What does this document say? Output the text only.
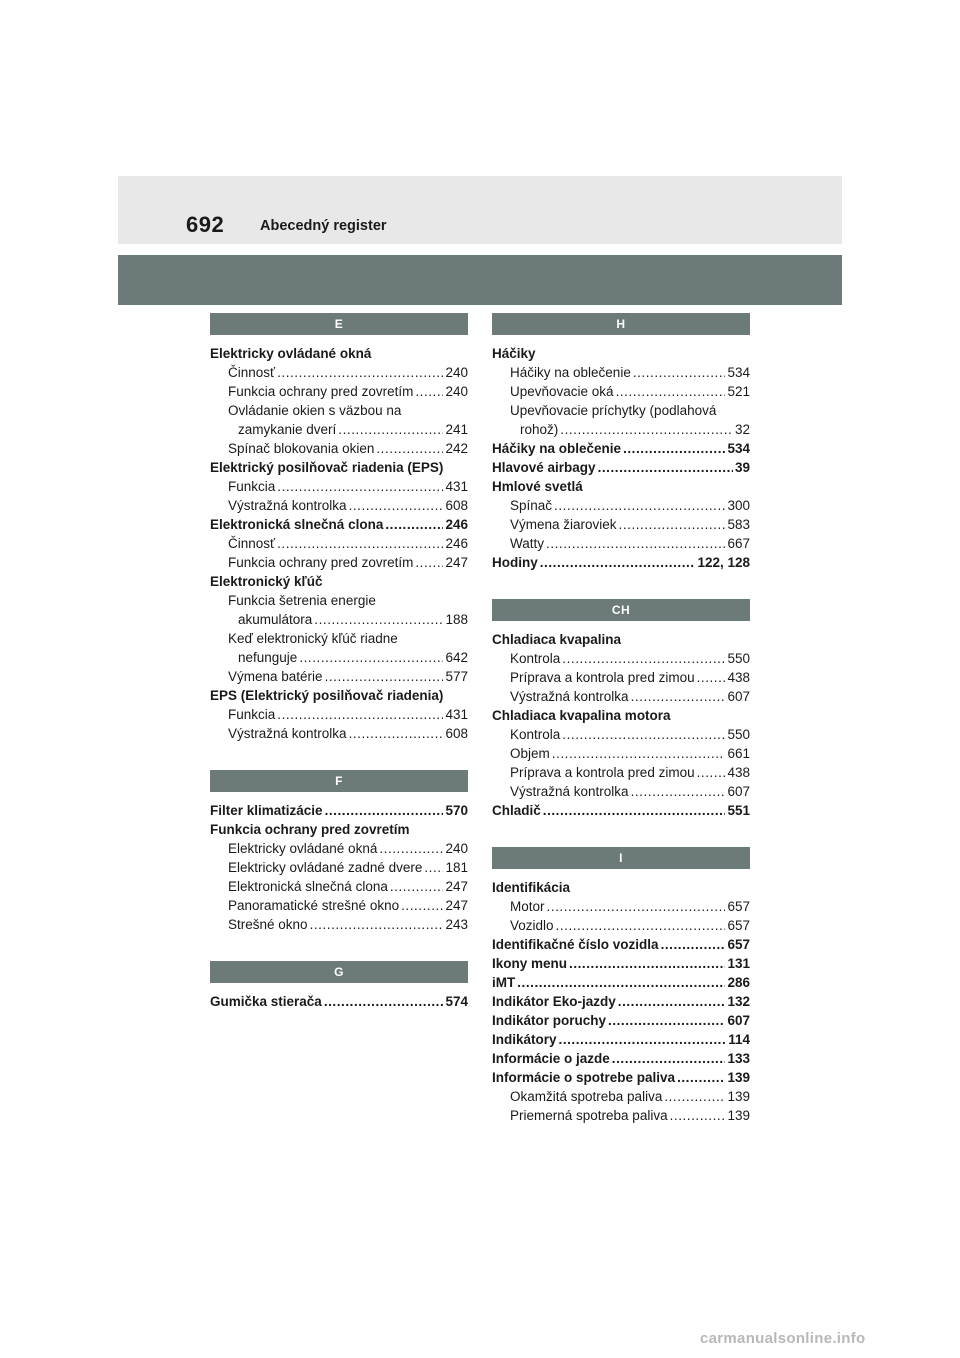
692 Abecedný register
E
Elektricky ovládané okná
Činnosť . . .	240
Funkcia ochrany pred zovretím . . . 240
Ovládanie okien s väzbou na
zamykanie dverí . . .	241
Spínač blokovania okien . . .	242
Elektrický posilňovač riadenia (EPS)
Funkcia . . .	431
Výstražná kontrolka . . .	608
Elektronická slnečná clona . . .	246
Činnosť . . .	246
Funkcia ochrany pred zovretím . . . 247
Elektronický kľúč
Funkcia šetrenia energie
akumulátora . . .	188
Keď elektronický kľúč riadne
nefunguje . . .	642
Výmena batérie . . .	577
EPS (Elektrický posilňovač riadenia)
Funkcia . . .	431
Výstražná kontrolka . . .	608
F
Filter klimatizácie . . .	570
Funkcia ochrany pred zovretím
Elektricky ovládané okná . . .	240
Elektricky ovládané zadné dvere . . . 181
Elektronická slnečná clona . . .	247
Panoramatické strešné okno . . .	247
Strešné okno . . .	243
G
Gumička stierača . . .	574
H
Háčiky
Háčiky na oblečenie . . .	534
Upevňovacie oká . . .	521
Upevňovacie príchytky (podlahová
rohož) . . .	32
Háčiky na oblečenie . . .	534
Hlavové airbagy . . .	39
Hmlové svetlá
Spínač . . .	300
Výmena žiaroviek . . .	583
Watty . . .	667
Hodiny . . .	122, 128
CH
Chladiaca kvapalina
Kontrola . . .	550
Príprava a kontrola pred zimou . . . 438
Výstražná kontrolka . . .	607
Chladiaca kvapalina motora
Kontrola . . .	550
Objem . . .	661
Príprava a kontrola pred zimou . . . 438
Výstražná kontrolka . . .	607
Chladič . . .	551
I
Identifikácia
Motor . . .	657
Vozidlo . . .	657
Identifikačné číslo vozidla . . .	657
Ikony menu . . .	131
iMT . . .	286
Indikátor Eko-jazdy . . .	132
Indikátor poruchy . . .	607
Indikátory . . .	114
Informácie o jazde . . .	133
Informácie o spotrebe paliva . . .	139
Okamžitá spotreba paliva . . .	139
Priemerná spotreba paliva . . .	139
carmanualsonline.info
